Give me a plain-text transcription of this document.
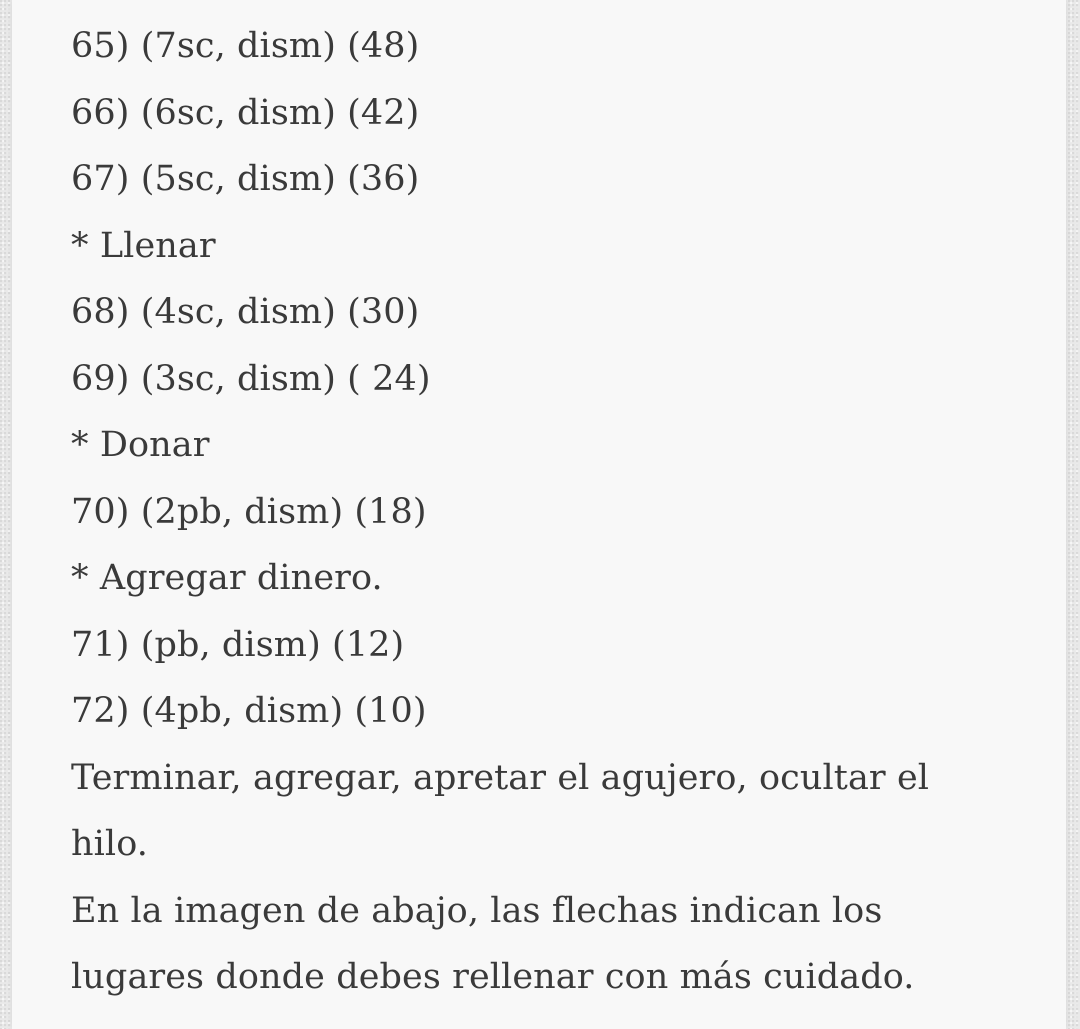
65) (7sc, dism) (48)
66) (6sc, dism) (42)
67) (5sc, dism) (36)
* Llenar
68) (4sc, dism) (30)
69) (3sc, dism) ( 24)
* Donar
70) (2pb, dism) (18)
* Agregar dinero.
71) (pb, dism) (12)
72) (4pb, dism) (10)
Terminar, agregar, apretar el agujero, ocultar el hilo.
En la imagen de abajo, las flechas indican los lugares donde debes rellenar con más cuidado.
